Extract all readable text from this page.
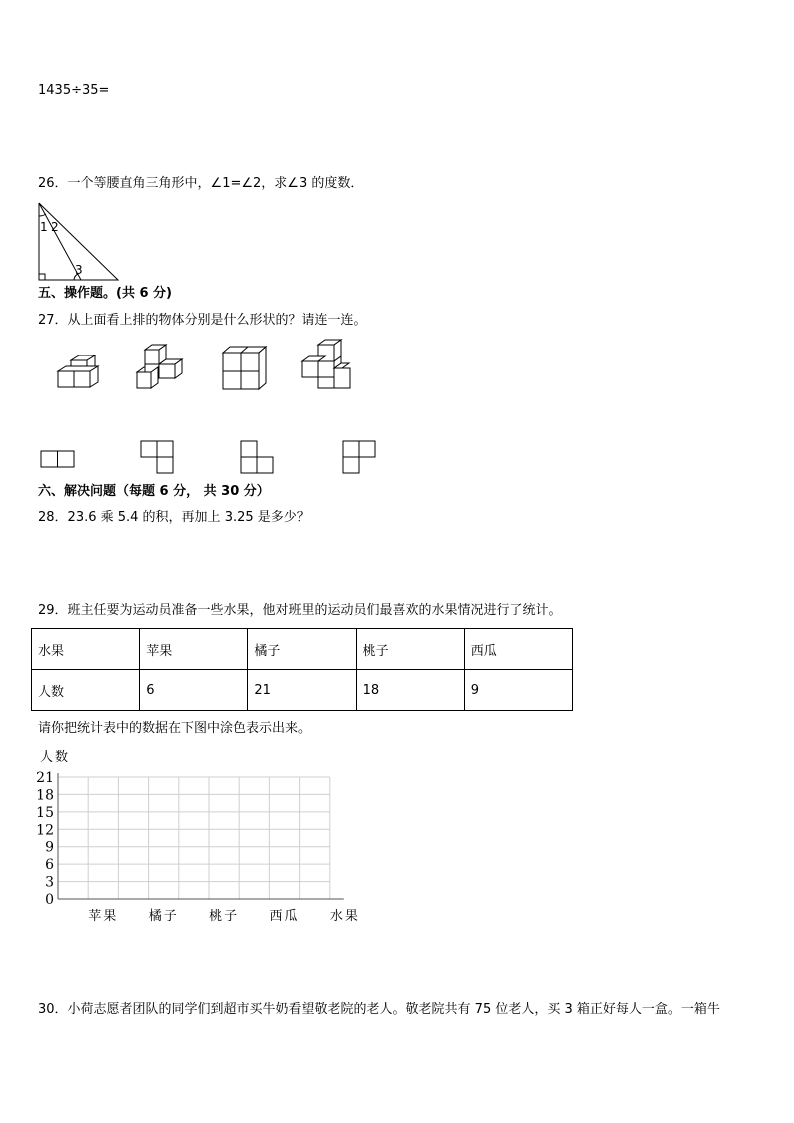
1435÷35=
26．一个等腰直角三角形中，∠1=∠2，求∠3 的度数．
1 2
3
五、操作题。(共 6 分)
27．从上面看上排的物体分别是什么形状的？请连一连。
六、解决问题（每题 6 分， 共 30 分）
28．23.6 乘 5.4 的积，再加上 3.25 是多少？
29．班主任要为运动员准备一些水果，他对班里的运动员们最喜欢的水果情况进行了统计。
水果	苹果	橘子	桃子	西瓜
人数	6	21	18	9
请你把统计表中的数据在下图中涂色表示出来。
0
3
6
9
12
15
18
21
人数
苹果 橘子 桃子 西瓜 水果
30．小荷志愿者团队的同学们到超市买牛奶看望敬老院的老人。敬老院共有 75 位老人，买 3 箱正好每人一盒。一箱牛
